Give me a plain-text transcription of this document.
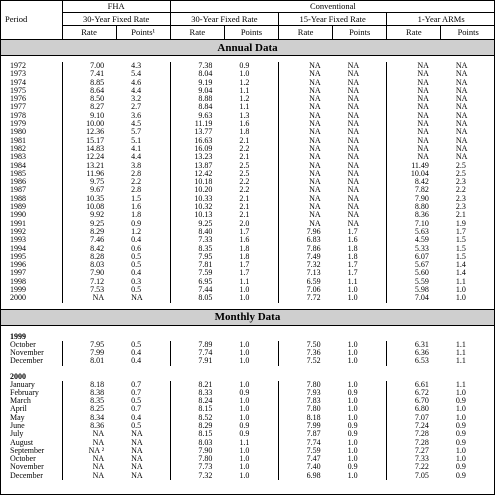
Period	FHA		Conventional					
	30-Year Fixed Rate		30-Year Fixed Rate		15-Year Fixed Rate		1-Year ARMs	
	Rate	Points¹	Rate	Points	Rate	Points	Rate	Points
Annual Data								

1972	7.00	4.3	7.38	0.9	NA	NA	NA	NA
1973	7.41	5.4	8.04	1.0	NA	NA	NA	NA
1974	8.85	4.6	9.19	1.2	NA	NA	NA	NA
1975	8.64	4.4	9.04	1.1	NA	NA	NA	NA
1976	8.50	3.2	8.88	1.2	NA	NA	NA	NA
1977	8.27	2.7	8.84	1.1	NA	NA	NA	NA
1978	9.10	3.6	9.63	1.3	NA	NA	NA	NA
1979	10.00	4.5	11.19	1.6	NA	NA	NA	NA
1980	12.36	5.7	13.77	1.8	NA	NA	NA	NA
1981	15.17	5.1	16.63	2.1	NA	NA	NA	NA
1982	14.83	4.1	16.09	2.2	NA	NA	NA	NA
1983	12.24	4.4	13.23	2.1	NA	NA	NA	NA
1984	13.21	3.8	13.87	2.5	NA	NA	11.49	2.5
1985	11.96	2.8	12.42	2.5	NA	NA	10.04	2.5
1986	9.75	2.2	10.18	2.2	NA	NA	8.42	2.3
1987	9.67	2.8	10.20	2.2	NA	NA	7.82	2.2
1988	10.35	1.5	10.33	2.1	NA	NA	7.90	2.3
1989	10.08	1.6	10.32	2.1	NA	NA	8.80	2.3
1990	9.92	1.8	10.13	2.1	NA	NA	8.36	2.1
1991	9.25	0.9	9.25	2.0	NA	NA	7.10	1.9
1992	8.29	1.2	8.40	1.7	7.96	1.7	5.63	1.7
1993	7.46	0.4	7.33	1.6	6.83	1.6	4.59	1.5
1994	8.42	0.6	8.35	1.8	7.86	1.8	5.33	1.5
1995	8.28	0.5	7.95	1.8	7.49	1.8	6.07	1.5
1996	8.03	0.5	7.81	1.7	7.32	1.7	5.67	1.4
1997	7.90	0.4	7.59	1.7	7.13	1.7	5.60	1.4
1998	7.12	0.3	6.95	1.1	6.59	1.1	5.59	1.1
1999	7.53	0.5	7.44	1.0	7.06	1.0	5.98	1.0
2000	NA	NA	8.05	1.0	7.72	1.0	7.04	1.0

Monthly Data								

1999								
October	7.95	0.5	7.89	1.0	7.50	1.0	6.31	1.1
November	7.99	0.4	7.74	1.0	7.36	1.0	6.36	1.1
December	8.01	0.4	7.91	1.0	7.52	1.0	6.53	1.1

2000								
January	8.18	0.7	8.21	1.0	7.80	1.0	6.61	1.1
February	8.38	0.7	8.33	0.9	7.93	0.9	6.72	1.0
March	8.35	0.5	8.24	1.0	7.83	1.0	6.70	0.9
April	8.25	0.7	8.15	1.0	7.80	1.0	6.80	1.0
May	8.34	0.4	8.52	1.0	8.18	1.0	7.07	1.0
June	8.36	0.5	8.29	0.9	7.99	0.9	7.24	0.9
July	NA	NA	8.15	0.9	7.87	0.9	7.28	0.9
August	NA	NA	8.03	1.1	7.74	1.0	7.28	0.9
September	NA ²	NA	7.90	1.0	7.59	1.0	7.27	1.0
October	NA	NA	7.80	1.0	7.47	1.0	7.33	1.0
November	NA	NA	7.73	1.0	7.40	0.9	7.22	0.9
December	NA	NA	7.32	1.0	6.98	1.0	7.05	0.9
